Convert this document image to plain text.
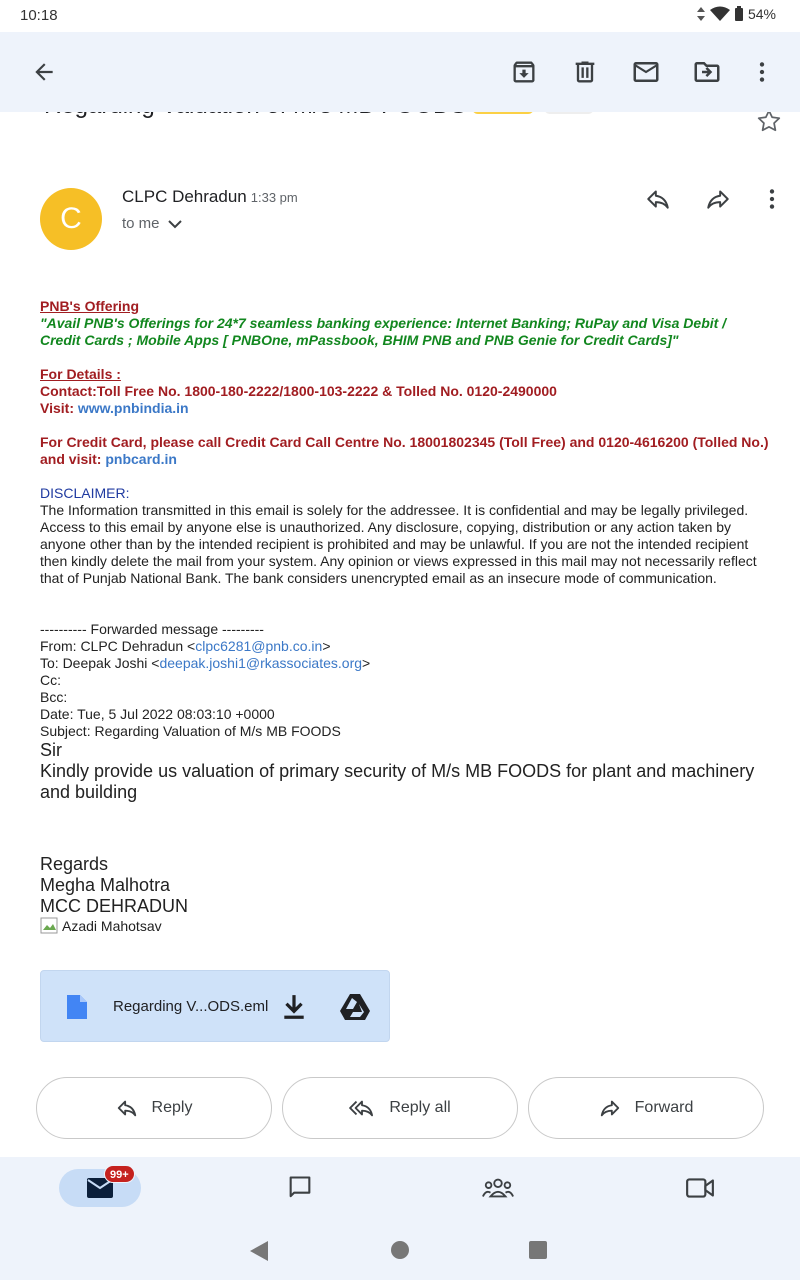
10:18	54%
C
CLPC Dehradun 1:33 pm
to me
PNB's Offering
"Avail PNB's Offerings for 24*7 seamless banking experience: Internet Banking; RuPay and Visa Debit / Credit Cards ; Mobile Apps [ PNBOne, mPassbook, BHIM PNB and PNB Genie for Credit Cards]"
For Details :
Contact:Toll Free No. 1800-180-2222/1800-103-2222 & Tolled No. 0120-2490000
Visit: www.pnbindia.in
For Credit Card, please call Credit Card Call Centre No. 18001802345 (Toll Free) and 0120-4616200 (Tolled No.) and visit: pnbcard.in
DISCLAIMER:
The Information transmitted in this email is solely for the addressee. It is confidential and may be legally privileged. Access to this email by anyone else is unauthorized. Any disclosure, copying, distribution or any action taken by anyone other than by the intended recipient is prohibited and may be unlawful. If you are not the intended recipient then kindly delete the mail from your system. Any opinion or views expressed in this mail may not necessarily reflect that of Punjab National Bank. The bank considers unencrypted email as an insecure mode of communication.
---------- Forwarded message ---------
From: CLPC Dehradun <clpc6281@pnb.co.in>
To: Deepak Joshi <deepak.joshi1@rkassociates.org>
Cc:
Bcc:
Date: Tue, 5 Jul 2022 08:03:10 +0000
Subject: Regarding Valuation of M/s MB FOODS
Sir
Kindly provide us valuation of primary security of M/s MB FOODS for plant and machinery and building
Regards
Megha Malhotra
MCC DEHRADUN
Azadi Mahotsav
Regarding V...ODS.eml
Reply	Reply all	Forward
99+
